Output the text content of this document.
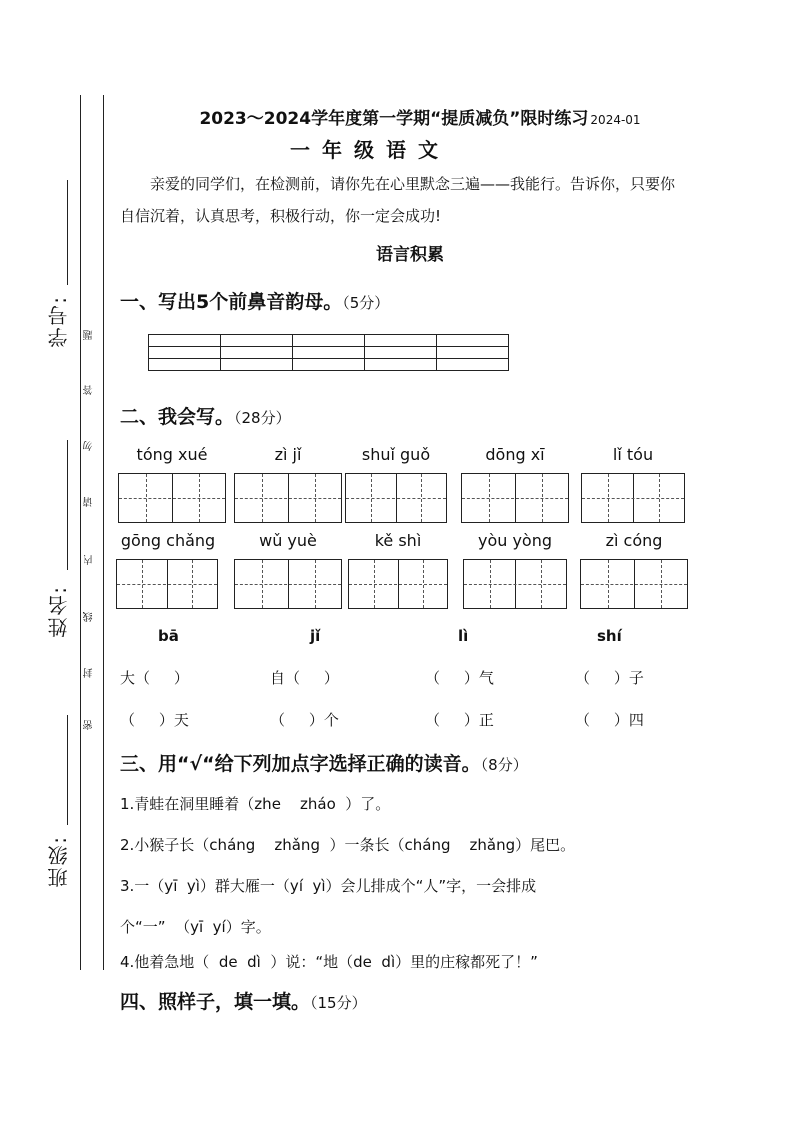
学号:
姓名:
班级:
密
封
线
内
请
勿
答
题
2023～2024学年度第一学期“提质减负”限时练习 2024-01
一年级语文
亲爱的同学们，在检测前，请你先在心里默念三遍——我能行。告诉你，只要你自信沉着，认真思考，积极行动，你一定会成功!
语言积累
一、写出5个前鼻音韵母。（5分）

二、我会写。（28分）
tóng xué	zì jǐ	shuǐ guǒ	dōng xī	lǐ tóu
gōng chǎng	wǔ yuè	kě shì	yòu yòng	zì cóng
bā	jǐ	lì	shí
大（     ）	自（     ）	（     ）气	（     ）子
（     ）天	（     ）个	（     ）正	（     ）四
三、用“√“给下列加点字选择正确的读音。（8分）
1.青蛙在洞里睡着（zhe    zháo  ）了。
2.小猴子长（cháng    zhǎng  ）一条长（cháng    zhǎng）尾巴。
3.一（yī  yì）群大雁一（yí  yì）会儿排成个“人”字，一会排成
个“一”  （yī  yí）字。
4.他着急地（  de  dì  ）说：“地（de  dì）里的庄稼都死了！”
四、照样子，填一填。（15分）
